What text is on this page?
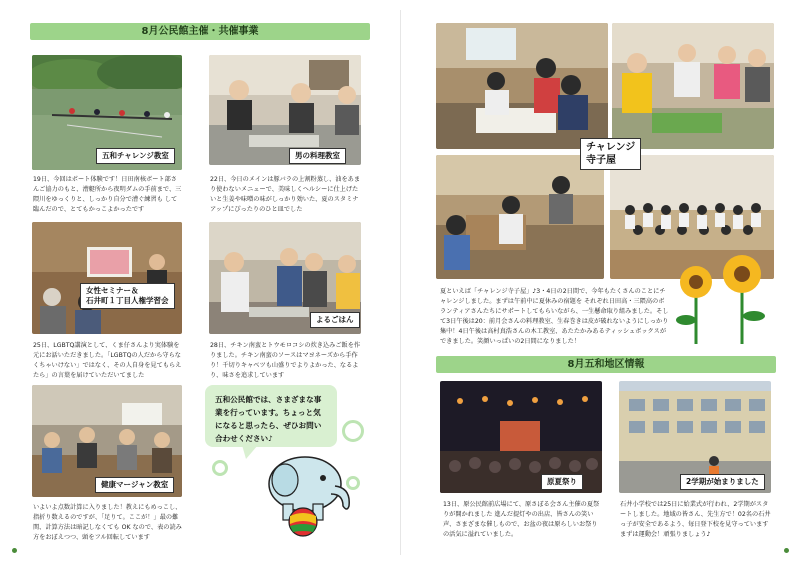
8月公民館主催・共催事業
五和チャレンジ教室
19日、今回はボート体験です！日田南核ボート部さんご協力のもと、漕艇所から夜明ダムの手前まで、三隈川をゆっくりと、しっかり自分で漕ぐ練習も して臨んだので、とてもかっこよかったです
男の料理教室
22日、今日のメインは豚バラの上割粉蒸し、油をあまり使わないメニューで、美味しくヘルシーに仕上げたいと生姜や味噌の味がしっかり効いた、夏のスタミナアップにぴったりのひと皿でした
女性セミナー＆
石井町１丁目人権学習会
25日、LGBTQ講演として、くま仔さんより実体験を元にお話いただきました。「LGBTQの人だから守らなくちゃいけない」ではなく、その人自身を見てもらえたら」の言葉を届けていただいてました
よるごはん
28日、チキン南蛮とトウモロコシの炊き込みご飯を作りました。チキン南蛮のソースはマヨネーズから手作り！千切りキャベツも山盛りでよりよかった、なるより、味さを追求しています
健康マージャン教室
いよいよ点数計算に入りました！教えにもめっこし、指折り数えるのですが、「足りて。ここが！」最の難関、計算方法は暗記しなくても OK なので、表の読み方をおぼえつつ、頭をフル回転しています
五和公民館では、さまざまな事業を行っています。ちょっと気になると思ったら、ぜひお問い合わせください♪
チャレンジ
寺子屋
夏といえば「チャレンジ寺子屋」♪3・4日の2日間で、今年もたくさんのことにチャレンジしました。まずは午前中に夏休みの宿題を それぞれ日田高・三隈高のボランティアさんたちにサポートしてもらいながら、一生懸命取り組みました。そして3日午後は20：前月会さんの料理教室、生春巻きは皮が破れないようにしっかり集中！4日午後は高村真浩さんの木工教室、あたたかみあるティッシュボックスができました。笑顔いっぱいの2日間になりました！
8月五和地区情報
原夏祭り
13日、原公民館前広場にて、原さぼる会さん主催の夏祭りが開かれました 進んだ提灯やの出店、皆さんの笑い声、さまざまな催しもので、お盆の夜は原らしいお祭りの活気に溢れていました。
2学期が始まりました
石井小学校では25日に始業式が行われ、2学期がスタートしました。地域の皆さん、先生方で！02名の石井っ子が安全であるよう、毎日登下校を見守っています まずは運動会！頑張りましょう♪
